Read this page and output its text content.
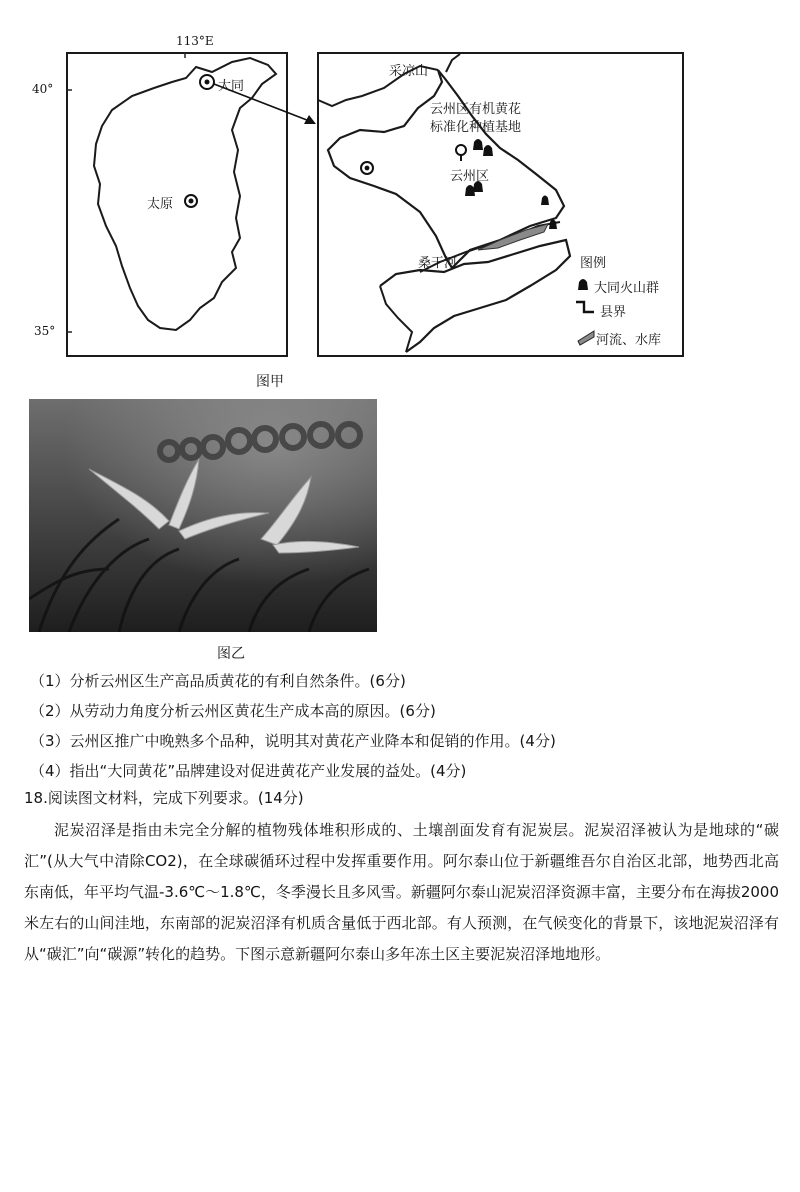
113°E
40°
35°
大同
太原
图甲
采凉山
云州区有机黄花
标准化种植基地
云州区
桑干河	图例
大同火山群
县界
河流、水库
图乙
（1）分析云州区生产高品质黄花的有利自然条件。(6分)
（2）从劳动力角度分析云州区黄花生产成本高的原因。(6分)
（3）云州区推广中晚熟多个品种，说明其对黄花产业降本和促销的作用。(4分)
（4）指出“大同黄花”品牌建设对促进黄花产业发展的益处。(4分)
18.阅读图文材料，完成下列要求。(14分)

泥炭沼泽是指由未完全分解的植物残体堆积形成的、土壤剖面发育有泥炭层。泥炭沼泽被认为是地球的“碳汇”(从大气中清除CO2)，在全球碳循环过程中发挥重要作用。阿尔泰山位于新疆维吾尔自治区北部，地势西北高东南低，年平均气温-3.6℃～1.8℃，冬季漫长且多风雪。新疆阿尔泰山泥炭沼泽资源丰富，主要分布在海拔2000米左右的山间洼地，东南部的泥炭沼泽有机质含量低于西北部。有人预测，在气候变化的背景下，该地泥炭沼泽有从“碳汇”向“碳源”转化的趋势。下图示意新疆阿尔泰山多年冻土区主要泥炭沼泽地地形。
